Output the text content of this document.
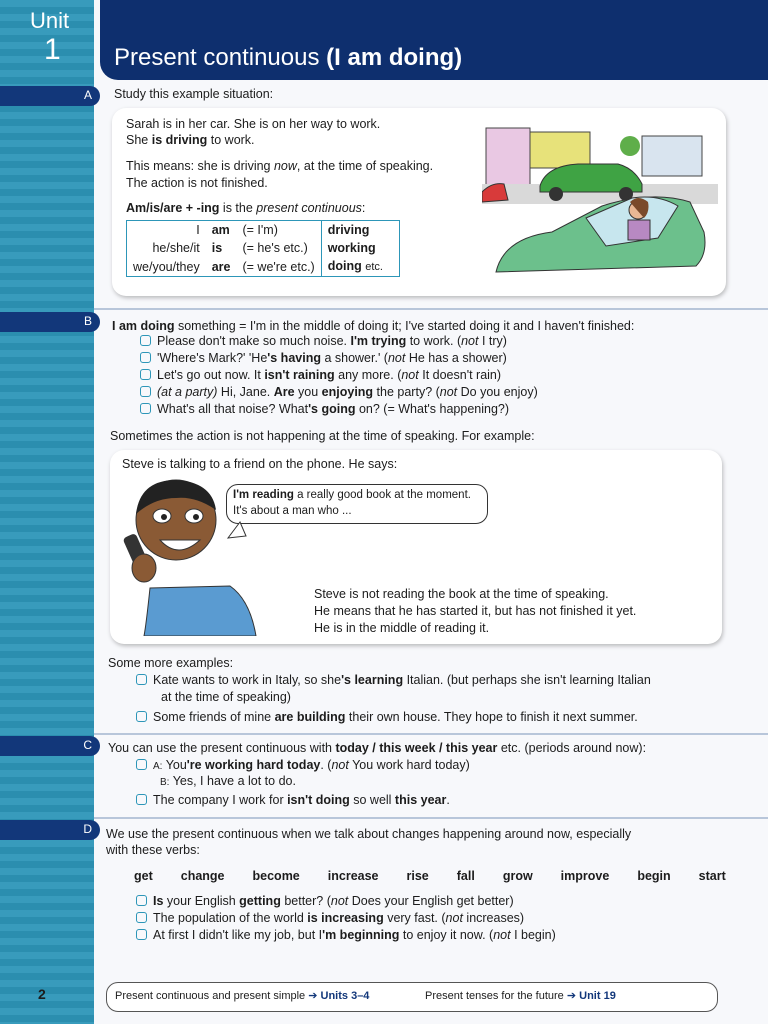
Unit
1 Present continuous (I am doing)
A
B
C
D
Study this example situation:
Sarah is in her car. She is on her way to work.
She is driving to work.
This means: she is driving now, at the time of speaking.
The action is not finished.
Am/is/are + -ing is the present continuous:
I	am	(= I'm)	driving
he/she/it	is	(= he's etc.)	working
we/you/they	are	(= we're etc.)	doing etc.
I am doing something = I'm in the middle of doing it; I've started doing it and I haven't finished:
Please don't make so much noise. I'm trying to work. (not I try)
'Where's Mark?' 'He's having a shower.' (not He has a shower)
Let's go out now. It isn't raining any more. (not It doesn't rain)
(at a party) Hi, Jane. Are you enjoying the party? (not Do you enjoy)
What's all that noise? What's going on? (= What's happening?)
Sometimes the action is not happening at the time of speaking. For example:
Steve is talking to a friend on the phone. He says:
I'm reading a really good book at the moment.
It's about a man who ...
Steve is not reading the book at the time of speaking.
He means that he has started it, but has not finished it yet.
He is in the middle of reading it.
Some more examples:
Kate wants to work in Italy, so she's learning Italian. (but perhaps she isn't learning Italian
at the time of speaking)
Some friends of mine are building their own house. They hope to finish it next summer.
You can use the present continuous with today / this week / this year etc. (periods around now):
A: You're working hard today. (not You work hard today)
B: Yes, I have a lot to do.
The company I work for isn't doing so well this year.
We use the present continuous when we talk about changes happening around now, especially
with these verbs:
get change become increase rise fall grow improve begin start
Is your English getting better? (not Does your English get better)
The population of the world is increasing very fast. (not increases)
At first I didn't like my job, but I'm beginning to enjoy it now. (not I begin)
2	Present continuous and present simple ➔ Units 3–4	Present tenses for the future ➔ Unit 19
